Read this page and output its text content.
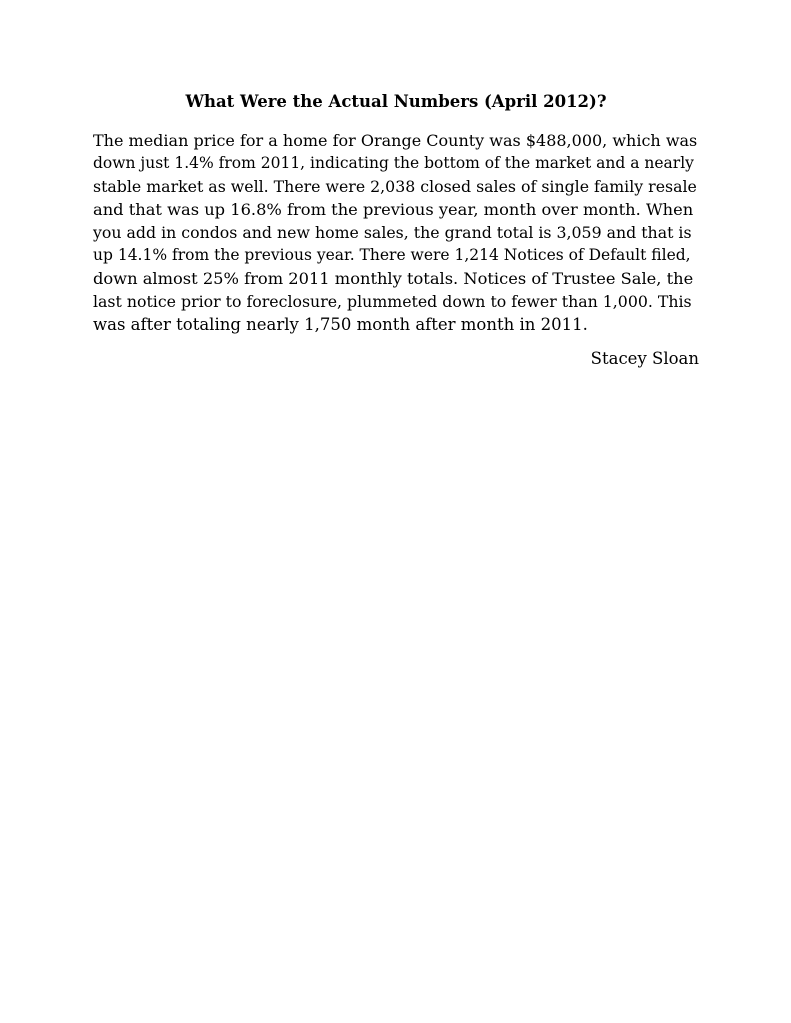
What Were the Actual Numbers (April 2012)?
The median price for a home for Orange County was $488,000, which was
down just 1.4% from 2011, indicating the bottom of the market and a nearly
stable market as well. There were 2,038 closed sales of single family resale
and that was up 16.8% from the previous year, month over month. When
you add in condos and new home sales, the grand total is 3,059 and that is
up 14.1% from the previous year. There were 1,214 Notices of Default filed,
down almost 25% from 2011 monthly totals. Notices of Trustee Sale, the
last notice prior to foreclosure, plummeted down to fewer than 1,000. This
was after totaling nearly 1,750 month after month in 2011.
Stacey Sloan
